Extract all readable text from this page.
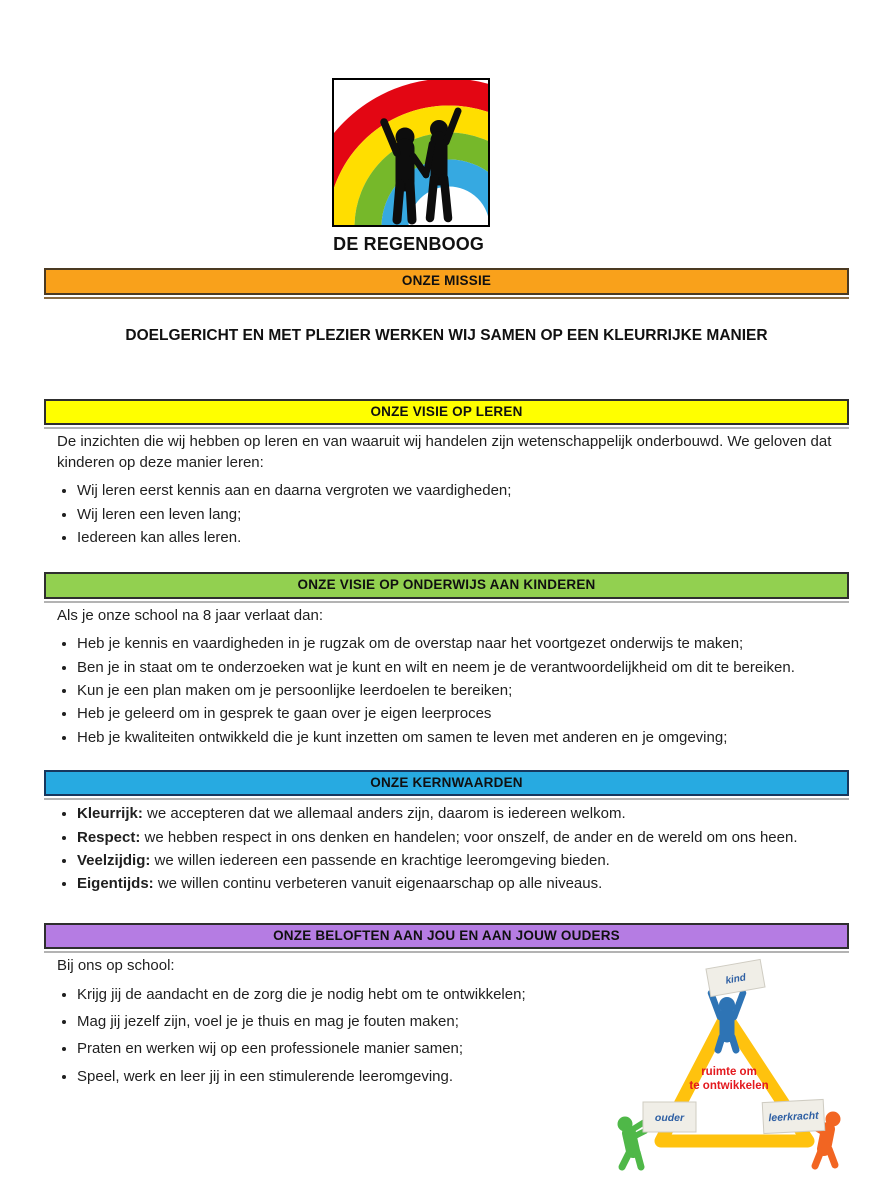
DE REGENBOOG
ONZE MISSIE
DOELGERICHT EN MET PLEZIER WERKEN WIJ SAMEN OP EEN KLEURRIJKE MANIER
ONZE VISIE OP LEREN

De inzichten die wij hebben op leren en van waaruit wij handelen zijn wetenschappelijk onderbouwd. We geloven dat kinderen op deze manier leren:

• Wij leren eerst kennis aan en daarna vergroten we vaardigheden;
• Wij leren een leven lang;
• Iedereen kan alles leren.
ONZE VISIE OP ONDERWIJS AAN KINDEREN

Als je onze school na 8 jaar verlaat dan:

• Heb je kennis en vaardigheden in je rugzak om de overstap naar het voortgezet onderwijs te maken;
• Ben je in staat om te onderzoeken wat je kunt en wilt en neem je de verantwoordelijkheid om dit te bereiken.
• Kun je een plan maken om je persoonlijke leerdoelen te bereiken;
• Heb je geleerd om in gesprek te gaan over je eigen leerproces
• Heb je kwaliteiten ontwikkeld die je kunt inzetten om samen te leven met anderen en je omgeving;
ONZE KERNWAARDEN
• Kleurrijk: we accepteren dat we allemaal anders zijn, daarom is iedereen welkom.
• Respect: we hebben respect in ons denken en handelen; voor onszelf, de ander en de wereld om ons heen.
• Veelzijdig: we willen iedereen een passende en krachtige leeromgeving bieden.
• Eigentijds: we willen continu verbeteren vanuit eigenaarschap op alle niveaus.
ONZE BELOFTEN AAN JOU EN AAN JOUW OUDERS

Bij ons op school:

• Krijg jij de aandacht en de zorg die je nodig hebt om te ontwikkelen;
• Mag jij jezelf zijn, voel je je thuis en mag je fouten maken;
• Praten en werken wij op een professionele manier samen;
• Speel, werk en leer jij in een stimulerende leeromgeving.	ruimte om
te ontwikkelen
kind
ouder	leerkracht
